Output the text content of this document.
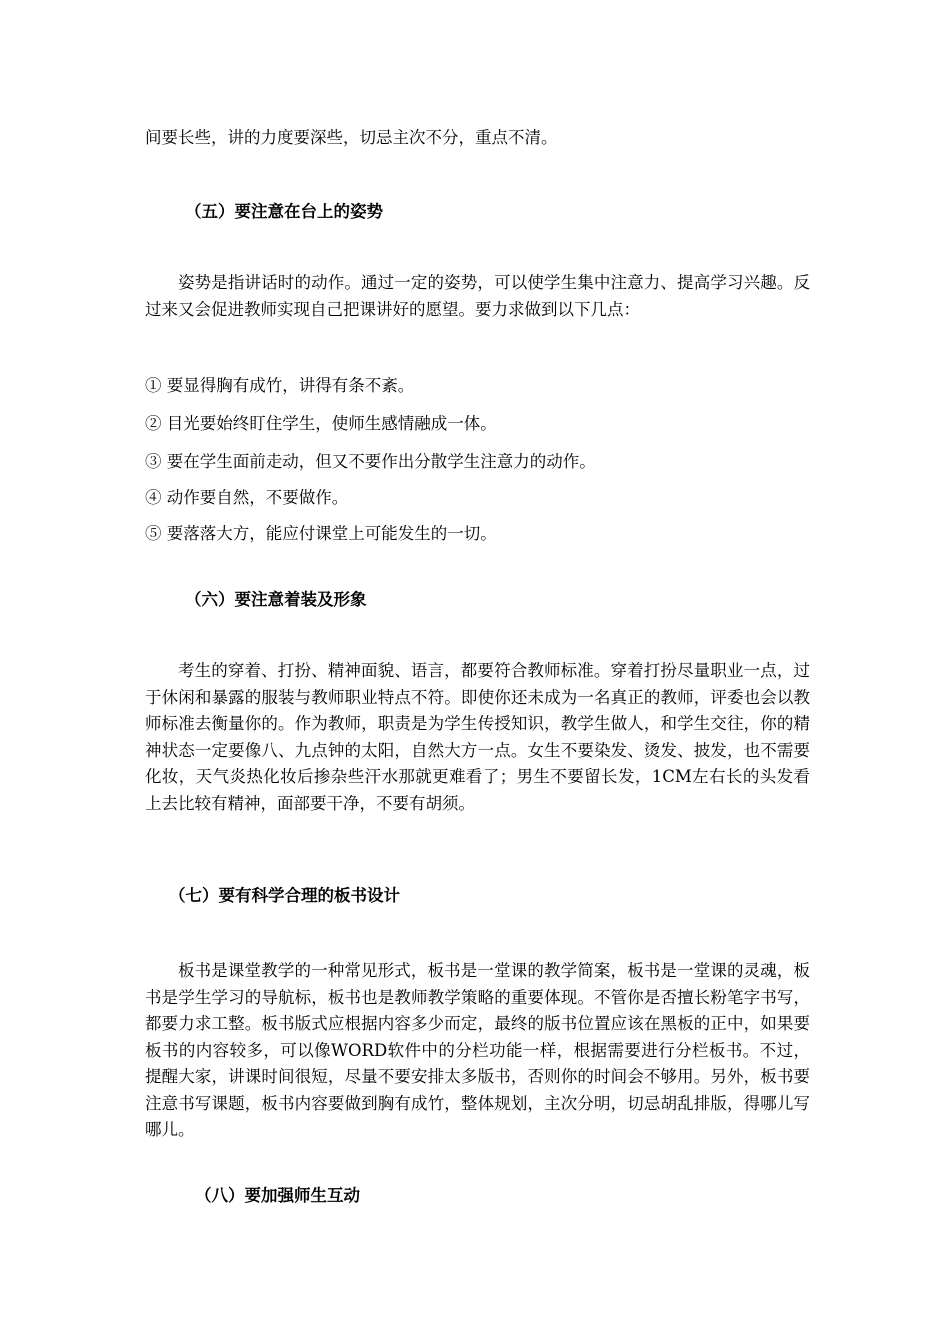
间要长些，讲的力度要深些，切忌主次不分，重点不清。
（五）要注意在台上的姿势
姿势是指讲话时的动作。通过一定的姿势，可以使学生集中注意力、提高学习兴趣。反过来又会促进教师实现自己把课讲好的愿望。要力求做到以下几点：
① 要显得胸有成竹，讲得有条不紊。
② 目光要始终盯住学生，使师生感情融成一体。
③ 要在学生面前走动，但又不要作出分散学生注意力的动作。
④ 动作要自然，不要做作。
⑤ 要落落大方，能应付课堂上可能发生的一切。
（六）要注意着装及形象
考生的穿着、打扮、精神面貌、语言，都要符合教师标准。穿着打扮尽量职业一点，过于休闲和暴露的服装与教师职业特点不符。即使你还未成为一名真正的教师，评委也会以教师标准去衡量你的。作为教师，职责是为学生传授知识，教学生做人，和学生交往，你的精神状态一定要像八、九点钟的太阳，自然大方一点。女生不要染发、烫发、披发，也不需要化妆，天气炎热化妆后掺杂些汗水那就更难看了；男生不要留长发，1CM左右长的头发看上去比较有精神，面部要干净，不要有胡须。
（七）要有科学合理的板书设计
板书是课堂教学的一种常见形式，板书是一堂课的教学简案，板书是一堂课的灵魂，板书是学生学习的导航标，板书也是教师教学策略的重要体现。不管你是否擅长粉笔字书写，都要力求工整。板书版式应根据内容多少而定，最终的版书位置应该在黑板的正中，如果要板书的内容较多，可以像WORD软件中的分栏功能一样，根据需要进行分栏板书。不过，提醒大家，讲课时间很短，尽量不要安排太多版书，否则你的时间会不够用。另外，板书要注意书写课题，板书内容要做到胸有成竹，整体规划，主次分明，切忌胡乱排版，得哪儿写哪儿。
（八）要加强师生互动
